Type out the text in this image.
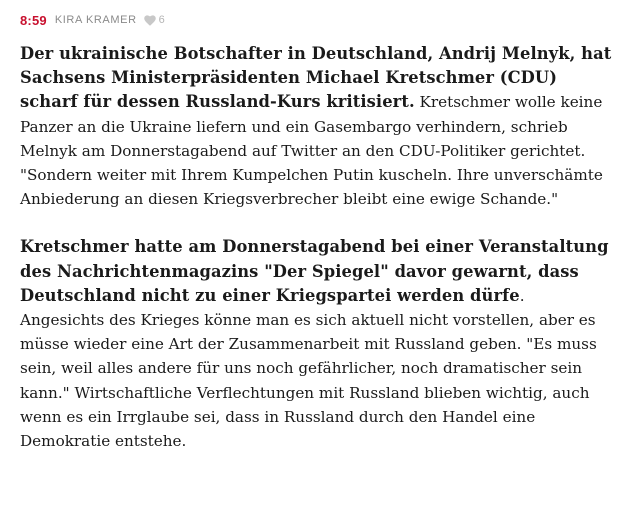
8:59 KIRA KRAMER 6

Der ukrainische Botschafter in Deutschland, Andrij Melnyk, hat Sachsens Ministerpräsidenten Michael Kretschmer (CDU) scharf für dessen Russland-Kurs kritisiert. Kretschmer wolle keine Panzer an die Ukraine liefern und ein Gasembargo verhindern, schrieb Melnyk am Donnerstagabend auf Twitter an den CDU-Politiker gerichtet. "Sondern weiter mit Ihrem Kumpelchen Putin kuscheln. Ihre unverschämte Anbiederung an diesen Kriegsverbrecher bleibt eine ewige Schande."

Kretschmer hatte am Donnerstagabend bei einer Veranstaltung des Nachrichtenmagazins "Der Spiegel" davor gewarnt, dass Deutschland nicht zu einer Kriegspartei werden dürfe. Angesichts des Krieges könne man es sich aktuell nicht vorstellen, aber es müsse wieder eine Art der Zusammenarbeit mit Russland geben. "Es muss sein, weil alles andere für uns noch gefährlicher, noch dramatischer sein kann." Wirtschaftliche Verflechtungen mit Russland blieben wichtig, auch wenn es ein Irrglaube sei, dass in Russland durch den Handel eine Demokratie entstehe.
